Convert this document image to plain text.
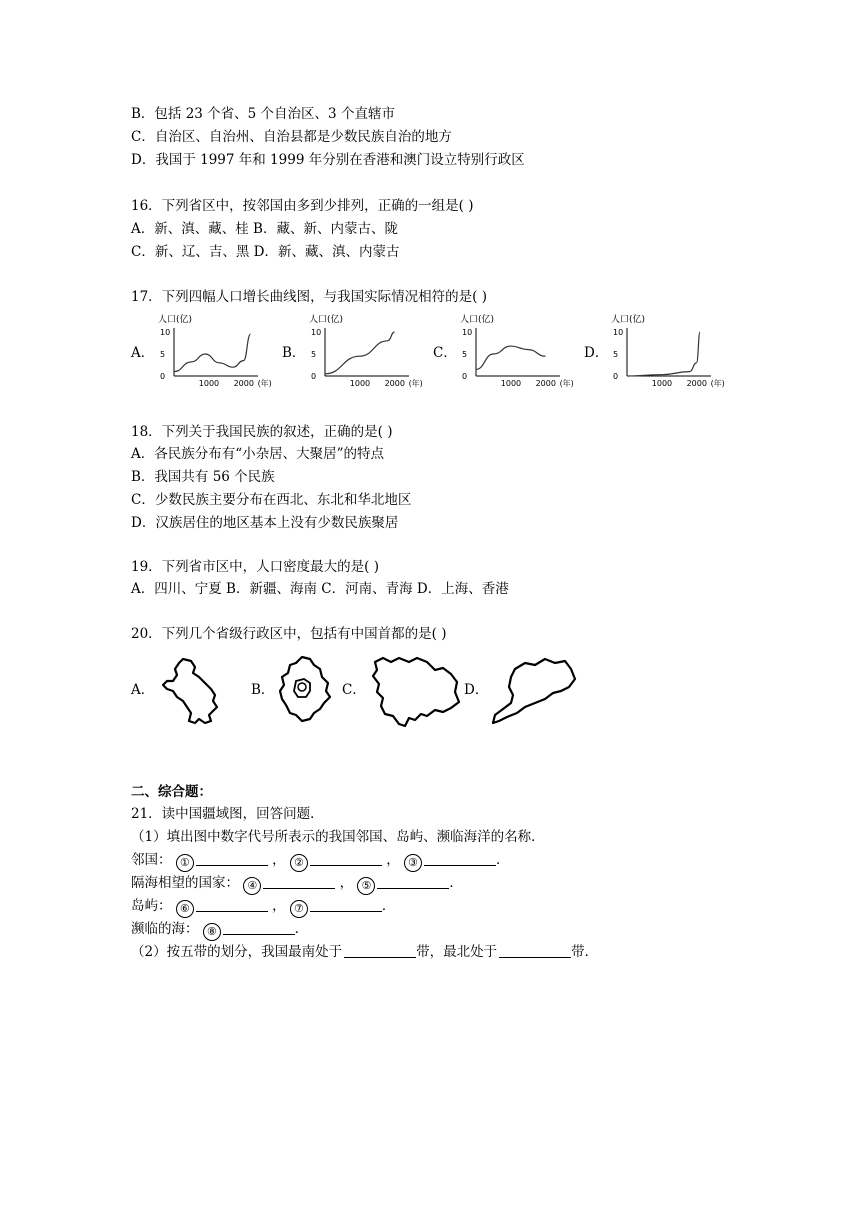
B．包括 23 个省、5 个自治区、3 个直辖市
C．自治区、自治州、自治县都是少数民族自治的地方
D．我国于 1997 年和 1999 年分别在香港和澳门设立特别行政区
16．下列省区中，按邻国由多到少排列，正确的一组是( )
A．新、滇、藏、桂 B．藏、新、内蒙古、陇
C．新、辽、吉、黑 D．新、藏、滇、内蒙古
17．下列四幅人口增长曲线图，与我国实际情况相符的是( )
A．	B．	C．	D．
人口(亿)
10
5
0
1000 2000 (年)
人口(亿)
10
5
0
1000 2000 (年)
人口(亿)
10
5
0
1000 2000 (年)
人口(亿)
10
5
0
1000 2000 (年)
18．下列关于我国民族的叙述，正确的是( )
A．各民族分布有“小杂居、大聚居”的特点
B．我国共有 56 个民族
C．少数民族主要分布在西北、东北和华北地区
D．汉族居住的地区基本上没有少数民族聚居
19．下列省市区中，人口密度最大的是( )
A．四川、宁夏 B．新疆、海南 C．河南、青海 D．上海、香港
20．下列几个省级行政区中，包括有中国首都的是( )
A．	B．	C．	D．
二、综合题：
21．读中国疆域图，回答问题．
（1）填出图中数字代号所表示的我国邻国、岛屿、濒临海洋的名称．
邻国： ①	， ②	， ③	．
隔海相望的国家： ④	， ⑤	．
岛屿： ⑥	， ⑦	．
濒临的海： ⑧	．
（2）按五带的划分，我国最南处于	带，最北处于	带．
